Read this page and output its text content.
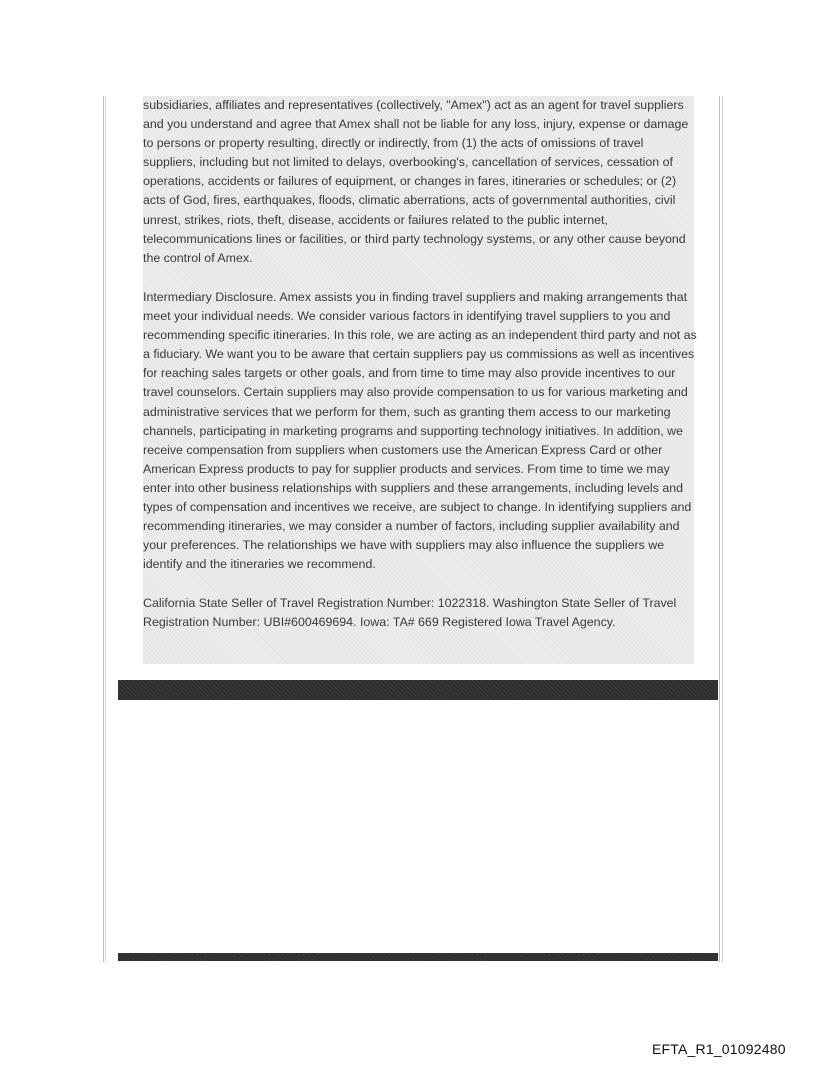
subsidiaries, affiliates and representatives (collectively, "Amex") act as an agent for travel suppliers
and you understand and agree that Amex shall not be liable for any loss, injury, expense or damage
to persons or property resulting, directly or indirectly, from (1) the acts of omissions of travel
suppliers, including but not limited to delays, overbooking's, cancellation of services, cessation of
operations, accidents or failures of equipment, or changes in fares, itineraries or schedules; or (2)
acts of God, fires, earthquakes, floods, climatic aberrations, acts of governmental authorities, civil
unrest, strikes, riots, theft, disease, accidents or failures related to the public internet,
telecommunications lines or facilities, or third party technology systems, or any other cause beyond
the control of Amex.

Intermediary Disclosure. Amex assists you in finding travel suppliers and making arrangements that
meet your individual needs. We consider various factors in identifying travel suppliers to you and
recommending specific itineraries. In this role, we are acting as an independent third party and not as
a fiduciary. We want you to be aware that certain suppliers pay us commissions as well as incentives
for reaching sales targets or other goals, and from time to time may also provide incentives to our
travel counselors. Certain suppliers may also provide compensation to us for various marketing and
administrative services that we perform for them, such as granting them access to our marketing
channels, participating in marketing programs and supporting technology initiatives. In addition, we
receive compensation from suppliers when customers use the American Express Card or other
American Express products to pay for supplier products and services. From time to time we may
enter into other business relationships with suppliers and these arrangements, including levels and
types of compensation and incentives we receive, are subject to change. In identifying suppliers and
recommending itineraries, we may consider a number of factors, including supplier availability and
your preferences. The relationships we have with suppliers may also influence the suppliers we
identify and the itineraries we recommend.

California State Seller of Travel Registration Number: 1022318. Washington State Seller of Travel
Registration Number: UBI#600469694. Iowa: TA# 669 Registered Iowa Travel Agency.

EFTA_R1_01092480
